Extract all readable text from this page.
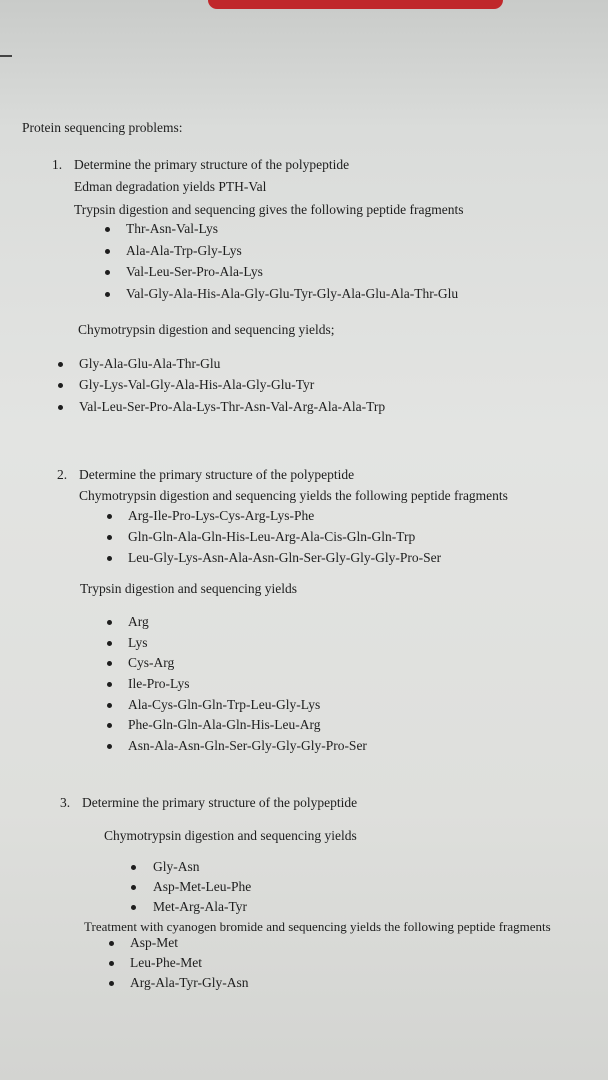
Protein sequencing problems:
1. Determine the primary structure of the polypeptide
Edman degradation yields PTH-Val
Trypsin digestion and sequencing gives the following peptide fragments
Thr-Asn-Val-Lys
Ala-Ala-Trp-Gly-Lys
Val-Leu-Ser-Pro-Ala-Lys
Val-Gly-Ala-His-Ala-Gly-Glu-Tyr-Gly-Ala-Glu-Ala-Thr-Glu
Chymotrypsin digestion and sequencing yields;
Gly-Ala-Glu-Ala-Thr-Glu
Gly-Lys-Val-Gly-Ala-His-Ala-Gly-Glu-Tyr
Val-Leu-Ser-Pro-Ala-Lys-Thr-Asn-Val-Arg-Ala-Ala-Trp
2. Determine the primary structure of the polypeptide
Chymotrypsin digestion and sequencing yields the following peptide fragments
Arg-Ile-Pro-Lys-Cys-Arg-Lys-Phe
Gln-Gln-Ala-Gln-His-Leu-Arg-Ala-Cis-Gln-Gln-Trp
Leu-Gly-Lys-Asn-Ala-Asn-Gln-Ser-Gly-Gly-Gly-Pro-Ser
Trypsin digestion and sequencing yields
Arg
Lys
Cys-Arg
Ile-Pro-Lys
Ala-Cys-Gln-Gln-Trp-Leu-Gly-Lys
Phe-Gln-Gln-Ala-Gln-His-Leu-Arg
Asn-Ala-Asn-Gln-Ser-Gly-Gly-Gly-Pro-Ser
3. Determine the primary structure of the polypeptide
Chymotrypsin digestion and sequencing yields
Gly-Asn
Asp-Met-Leu-Phe
Met-Arg-Ala-Tyr
Treatment with cyanogen bromide and sequencing yields the following peptide fragments
Asp-Met
Leu-Phe-Met
Arg-Ala-Tyr-Gly-Asn
